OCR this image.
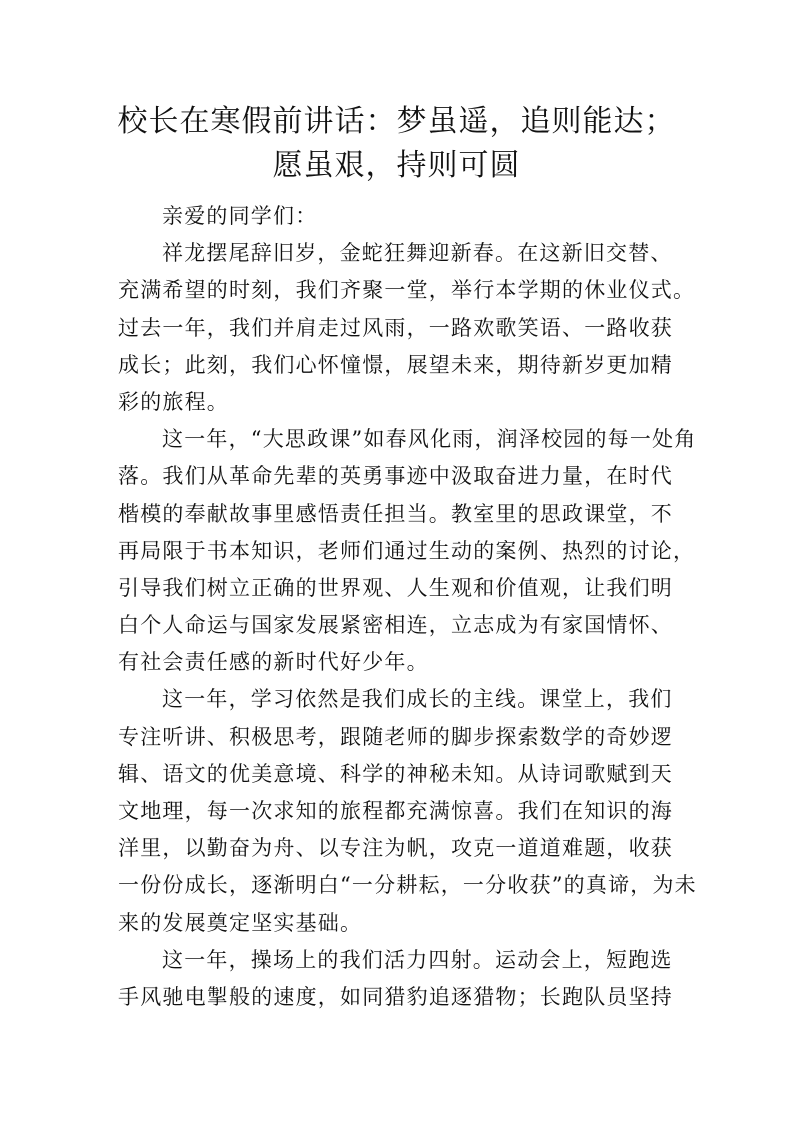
校长在寒假前讲话：梦虽遥，追则能达；
愿虽艰，持则可圆
亲爱的同学们：
祥龙摆尾辞旧岁，金蛇狂舞迎新春。在这新旧交替、
充满希望的时刻，我们齐聚一堂，举行本学期的休业仪式。
过去一年，我们并肩走过风雨，一路欢歌笑语、一路收获
成长；此刻，我们心怀憧憬，展望未来，期待新岁更加精
彩的旅程。
这一年，“大思政课”如春风化雨，润泽校园的每一处角
落。我们从革命先辈的英勇事迹中汲取奋进力量，在时代
楷模的奉献故事里感悟责任担当。教室里的思政课堂，不
再局限于书本知识，老师们通过生动的案例、热烈的讨论，
引导我们树立正确的世界观、人生观和价值观，让我们明
白个人命运与国家发展紧密相连，立志成为有家国情怀、
有社会责任感的新时代好少年。
这一年，学习依然是我们成长的主线。课堂上，我们
专注听讲、积极思考，跟随老师的脚步探索数学的奇妙逻
辑、语文的优美意境、科学的神秘未知。从诗词歌赋到天
文地理，每一次求知的旅程都充满惊喜。我们在知识的海
洋里，以勤奋为舟、以专注为帆，攻克一道道难题，收获
一份份成长，逐渐明白“一分耕耘，一分收获”的真谛，为未
来的发展奠定坚实基础。
这一年，操场上的我们活力四射。运动会上，短跑选
手风驰电掣般的速度，如同猎豹追逐猎物；长跑队员坚持
